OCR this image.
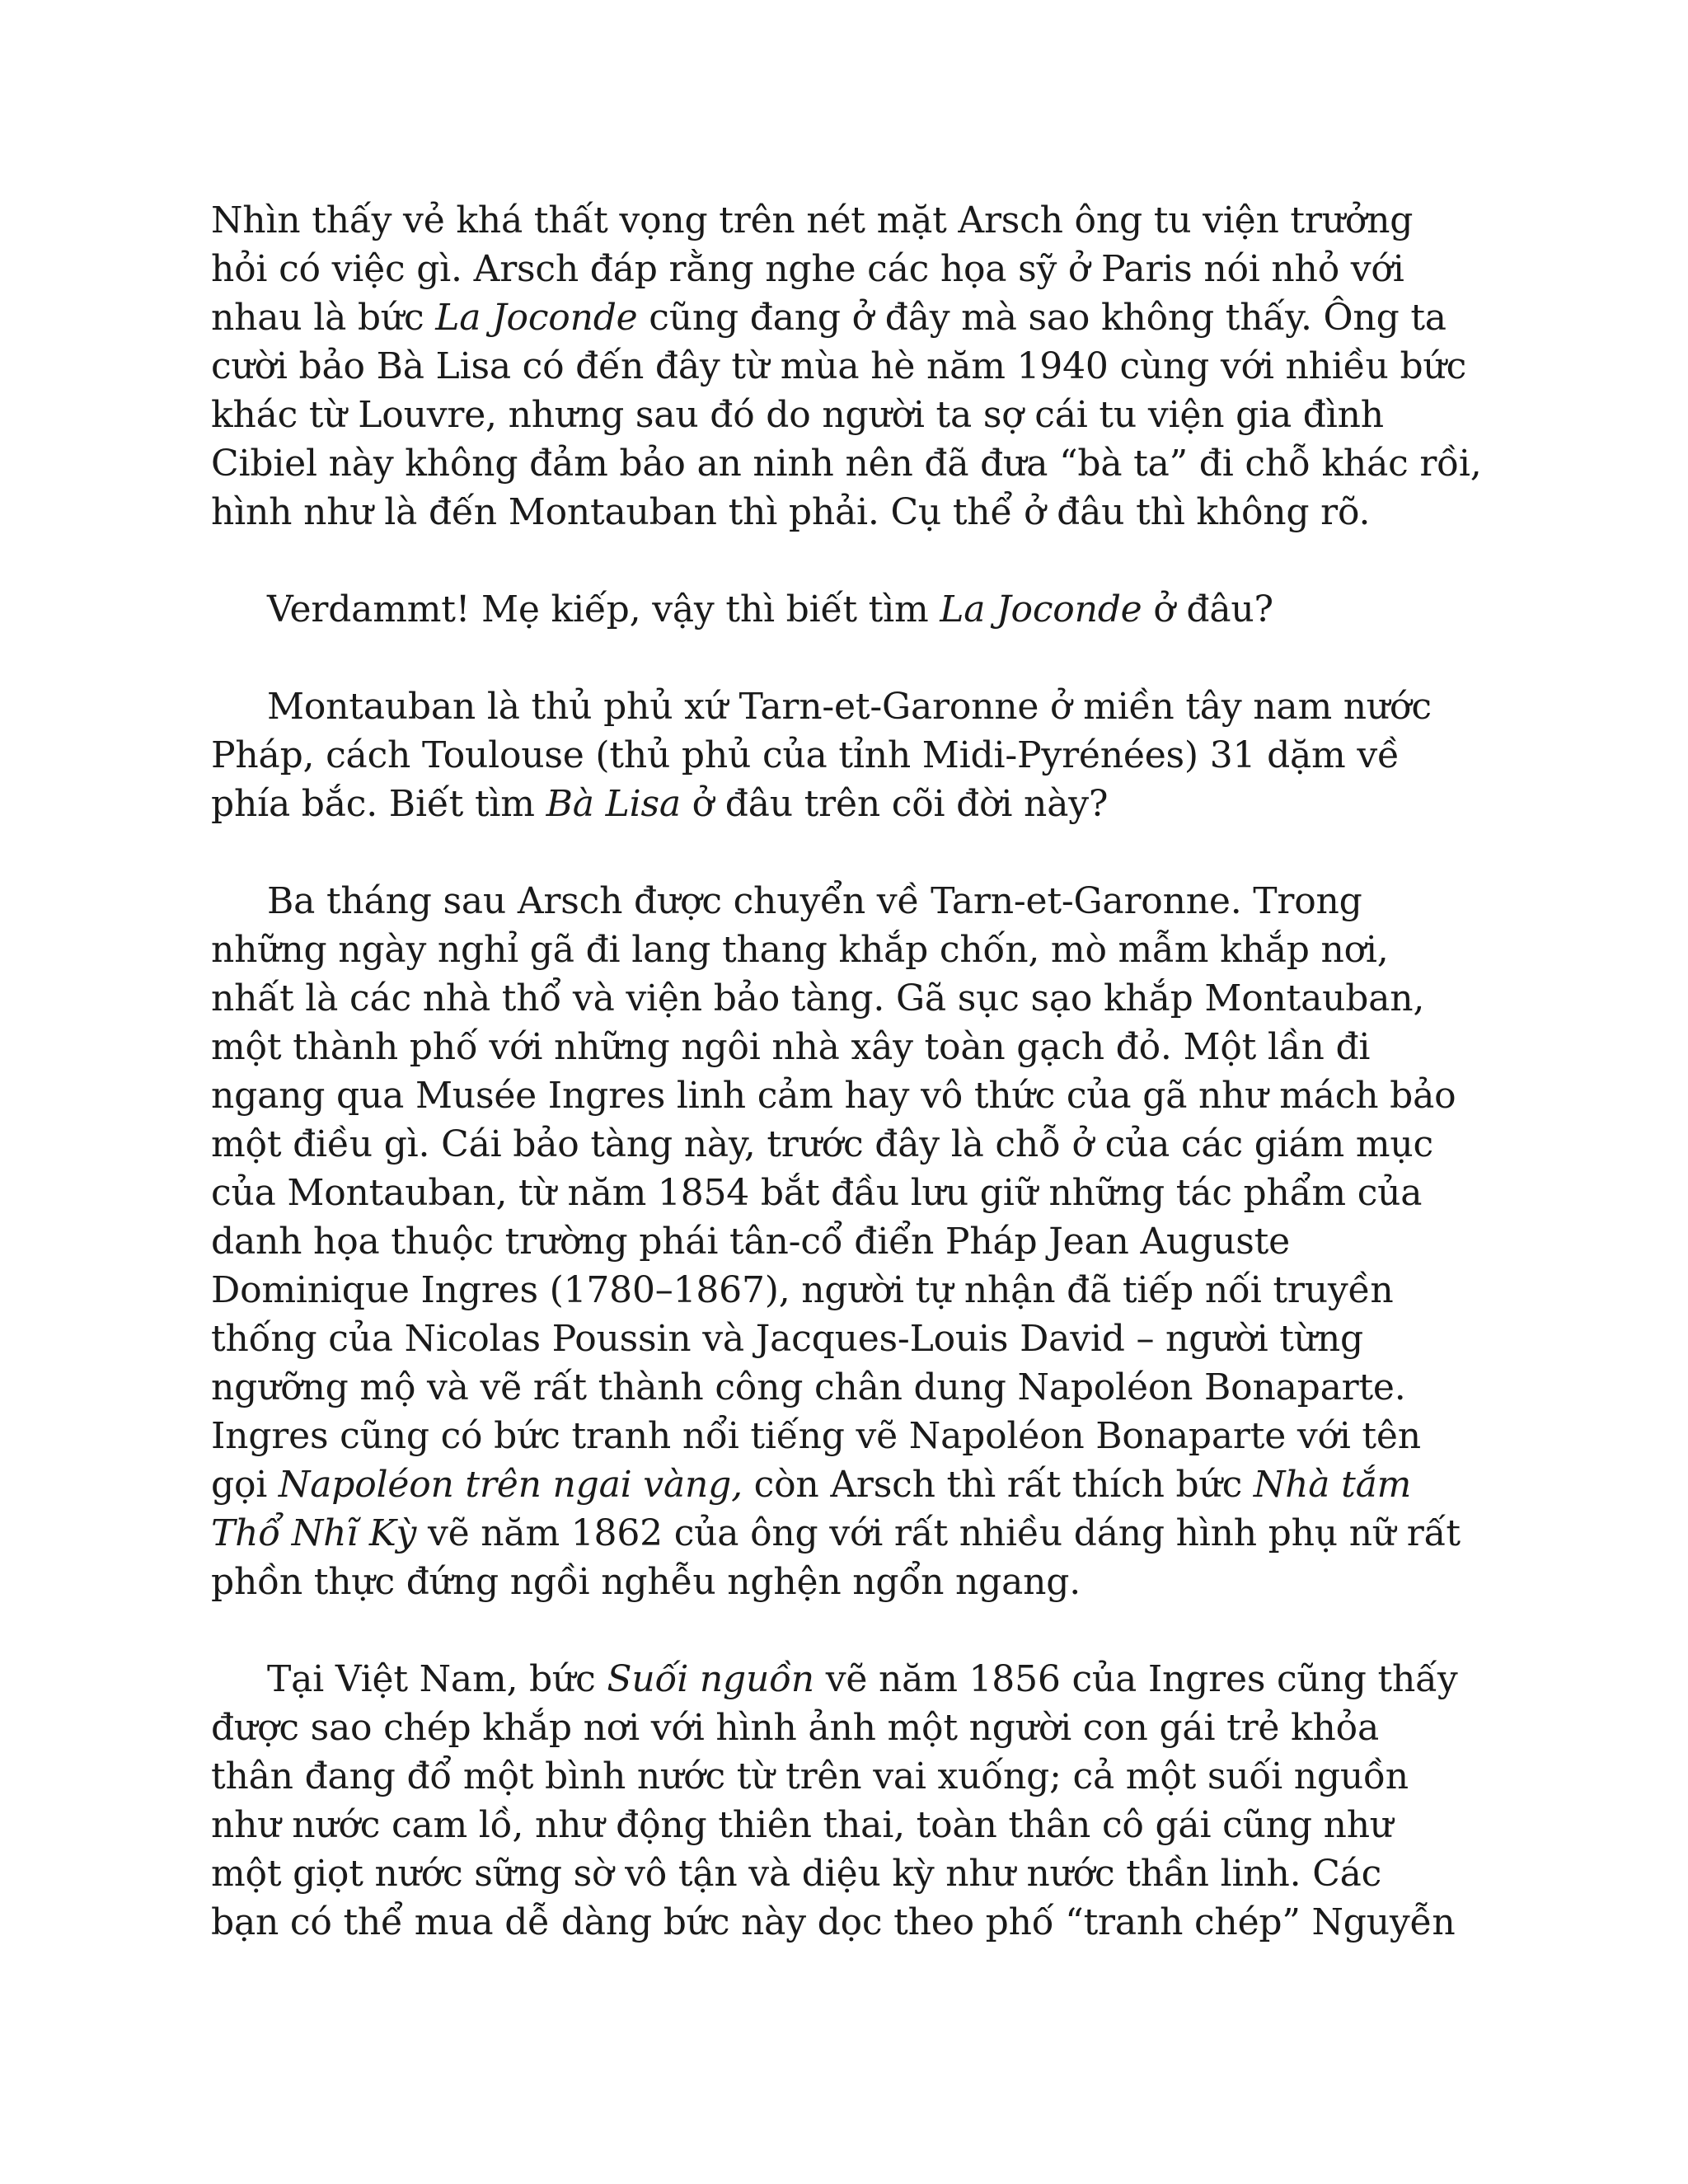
Nhìn thấy vẻ khá thất vọng trên nét mặt Arsch ông tu viện trưởng
hỏi có việc gì. Arsch đáp rằng nghe các họa sỹ ở Paris nói nhỏ với
nhau là bức La Joconde cũng đang ở đây mà sao không thấy. Ông ta
cười bảo Bà Lisa có đến đây từ mùa hè năm 1940 cùng với nhiều bức
khác từ Louvre, nhưng sau đó do người ta sợ cái tu viện gia đình
Cibiel này không đảm bảo an ninh nên đã đưa “bà ta” đi chỗ khác rồi,
hình như là đến Montauban thì phải. Cụ thể ở đâu thì không rõ.
Verdammt! Mẹ kiếp, vậy thì biết tìm La Joconde ở đâu?
Montauban là thủ phủ xứ Tarn-et-Garonne ở miền tây nam nước
Pháp, cách Toulouse (thủ phủ của tỉnh Midi-Pyrénées) 31 dặm về
phía bắc. Biết tìm Bà Lisa ở đâu trên cõi đời này?
Ba tháng sau Arsch được chuyển về Tarn-et-Garonne. Trong
những ngày nghỉ gã đi lang thang khắp chốn, mò mẫm khắp nơi,
nhất là các nhà thổ và viện bảo tàng. Gã sục sạo khắp Montauban,
một thành phố với những ngôi nhà xây toàn gạch đỏ. Một lần đi
ngang qua Musée Ingres linh cảm hay vô thức của gã như mách bảo
một điều gì. Cái bảo tàng này, trước đây là chỗ ở của các giám mục
của Montauban, từ năm 1854 bắt đầu lưu giữ những tác phẩm của
danh họa thuộc trường phái tân-cổ điển Pháp Jean Auguste
Dominique Ingres (1780–1867), người tự nhận đã tiếp nối truyền
thống của Nicolas Poussin và Jacques-Louis David – người từng
ngưỡng mộ và vẽ rất thành công chân dung Napoléon Bonaparte.
Ingres cũng có bức tranh nổi tiếng vẽ Napoléon Bonaparte với tên
gọi Napoléon trên ngai vàng, còn Arsch thì rất thích bức Nhà tắm
Thổ Nhĩ Kỳ vẽ năm 1862 của ông với rất nhiều dáng hình phụ nữ rất
phồn thực đứng ngồi nghễu nghện ngổn ngang.
Tại Việt Nam, bức Suối nguồn vẽ năm 1856 của Ingres cũng thấy
được sao chép khắp nơi với hình ảnh một người con gái trẻ khỏa
thân đang đổ một bình nước từ trên vai xuống; cả một suối nguồn
như nước cam lồ, như động thiên thai, toàn thân cô gái cũng như
một giọt nước sững sờ vô tận và diệu kỳ như nước thần linh. Các
bạn có thể mua dễ dàng bức này dọc theo phố “tranh chép” Nguyễn
